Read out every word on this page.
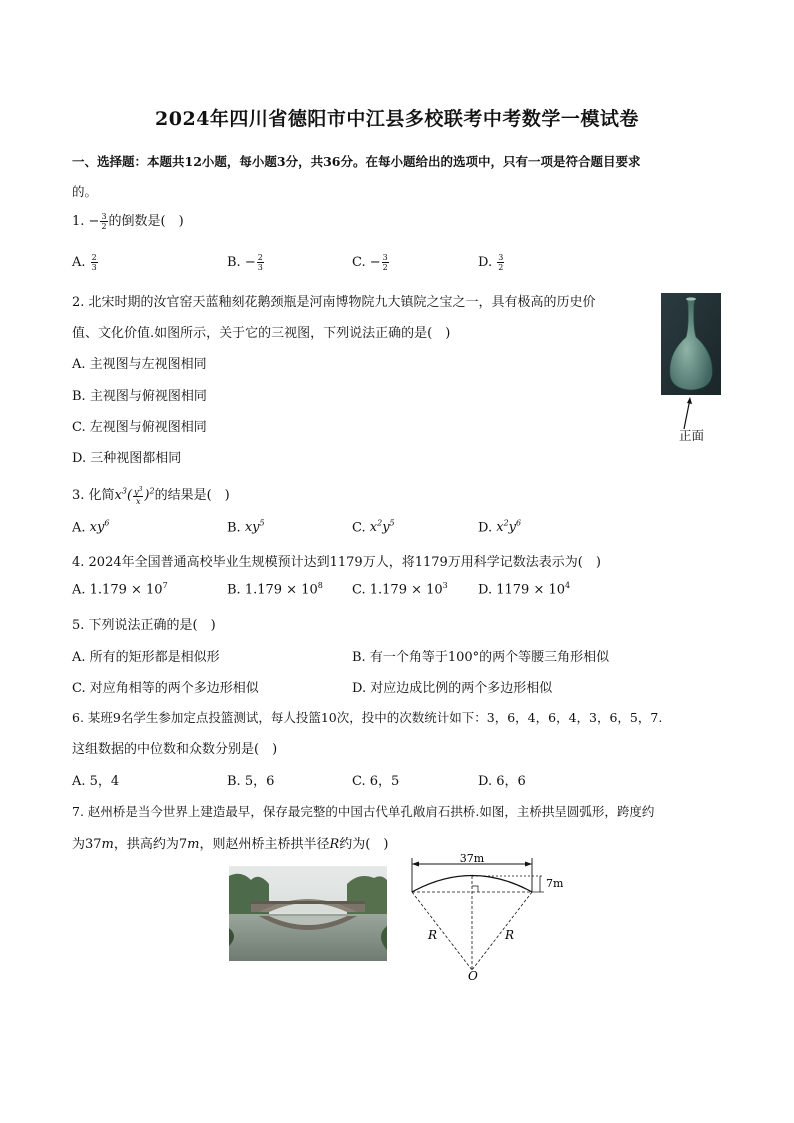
2024年四川省德阳市中江县多校联考中考数学一模试卷
一、选择题：本题共12小题，每小题3分，共36分。在每小题给出的选项中，只有一项是符合题目要求
的。
1. − $\frac{3}{2}$ 的倒数是(　)
A. $\frac{2}{3}$	B. − $\frac{2}{3}$	C. − $\frac{3}{2}$	D. $\frac{3}{2}$
2. 北宋时期的汝官窑天蓝釉刻花鹅颈瓶是河南博物院九大镇院之宝之一，具有极高的历史价
值、文化价值.如图所示，关于它的三视图，下列说法正确的是(　)
A. 主视图与左视图相同
B. 主视图与俯视图相同
C. 左视图与俯视图相同
D. 三种视图都相同
正面
3. 化简$x^3( \frac{y^3}{x} )^2$的结果是(　)
A. $xy^6$	B. $xy^5$	C. $x^2y^5$	D. $x^2y^6$
4. 2024年全国普通高校毕业生规模预计达到1179万人，将1179万用科学记数法表示为(　)
A. $1.179 \times 10^7$	B. $1.179 \times 10^8$ C. $1.179 \times 10^3$ D. $1179 \times 10^4$
5. 下列说法正确的是(　)
A. 所有的矩形都是相似形	B. 有一个角等于100°的两个等腰三角形相似
C. 对应角相等的两个多边形相似	D. 对应边成比例的两个多边形相似
6. 某班9名学生参加定点投篮测试，每人投篮10次，投中的次数统计如下：3，6，4，6，4，3，6，5，7.
这组数据的中位数和众数分别是(　)
A. 5，4	B. 5，6	C. 6，5	D. 6，6
7. 赵州桥是当今世界上建造最早，保存最完整的中国古代单孔敞肩石拱桥.如图，主桥拱呈圆弧形，跨度约
为37m，拱高约为7m，则赵州桥主桥拱半径R约为(　)
37m
7m
R	R
O
